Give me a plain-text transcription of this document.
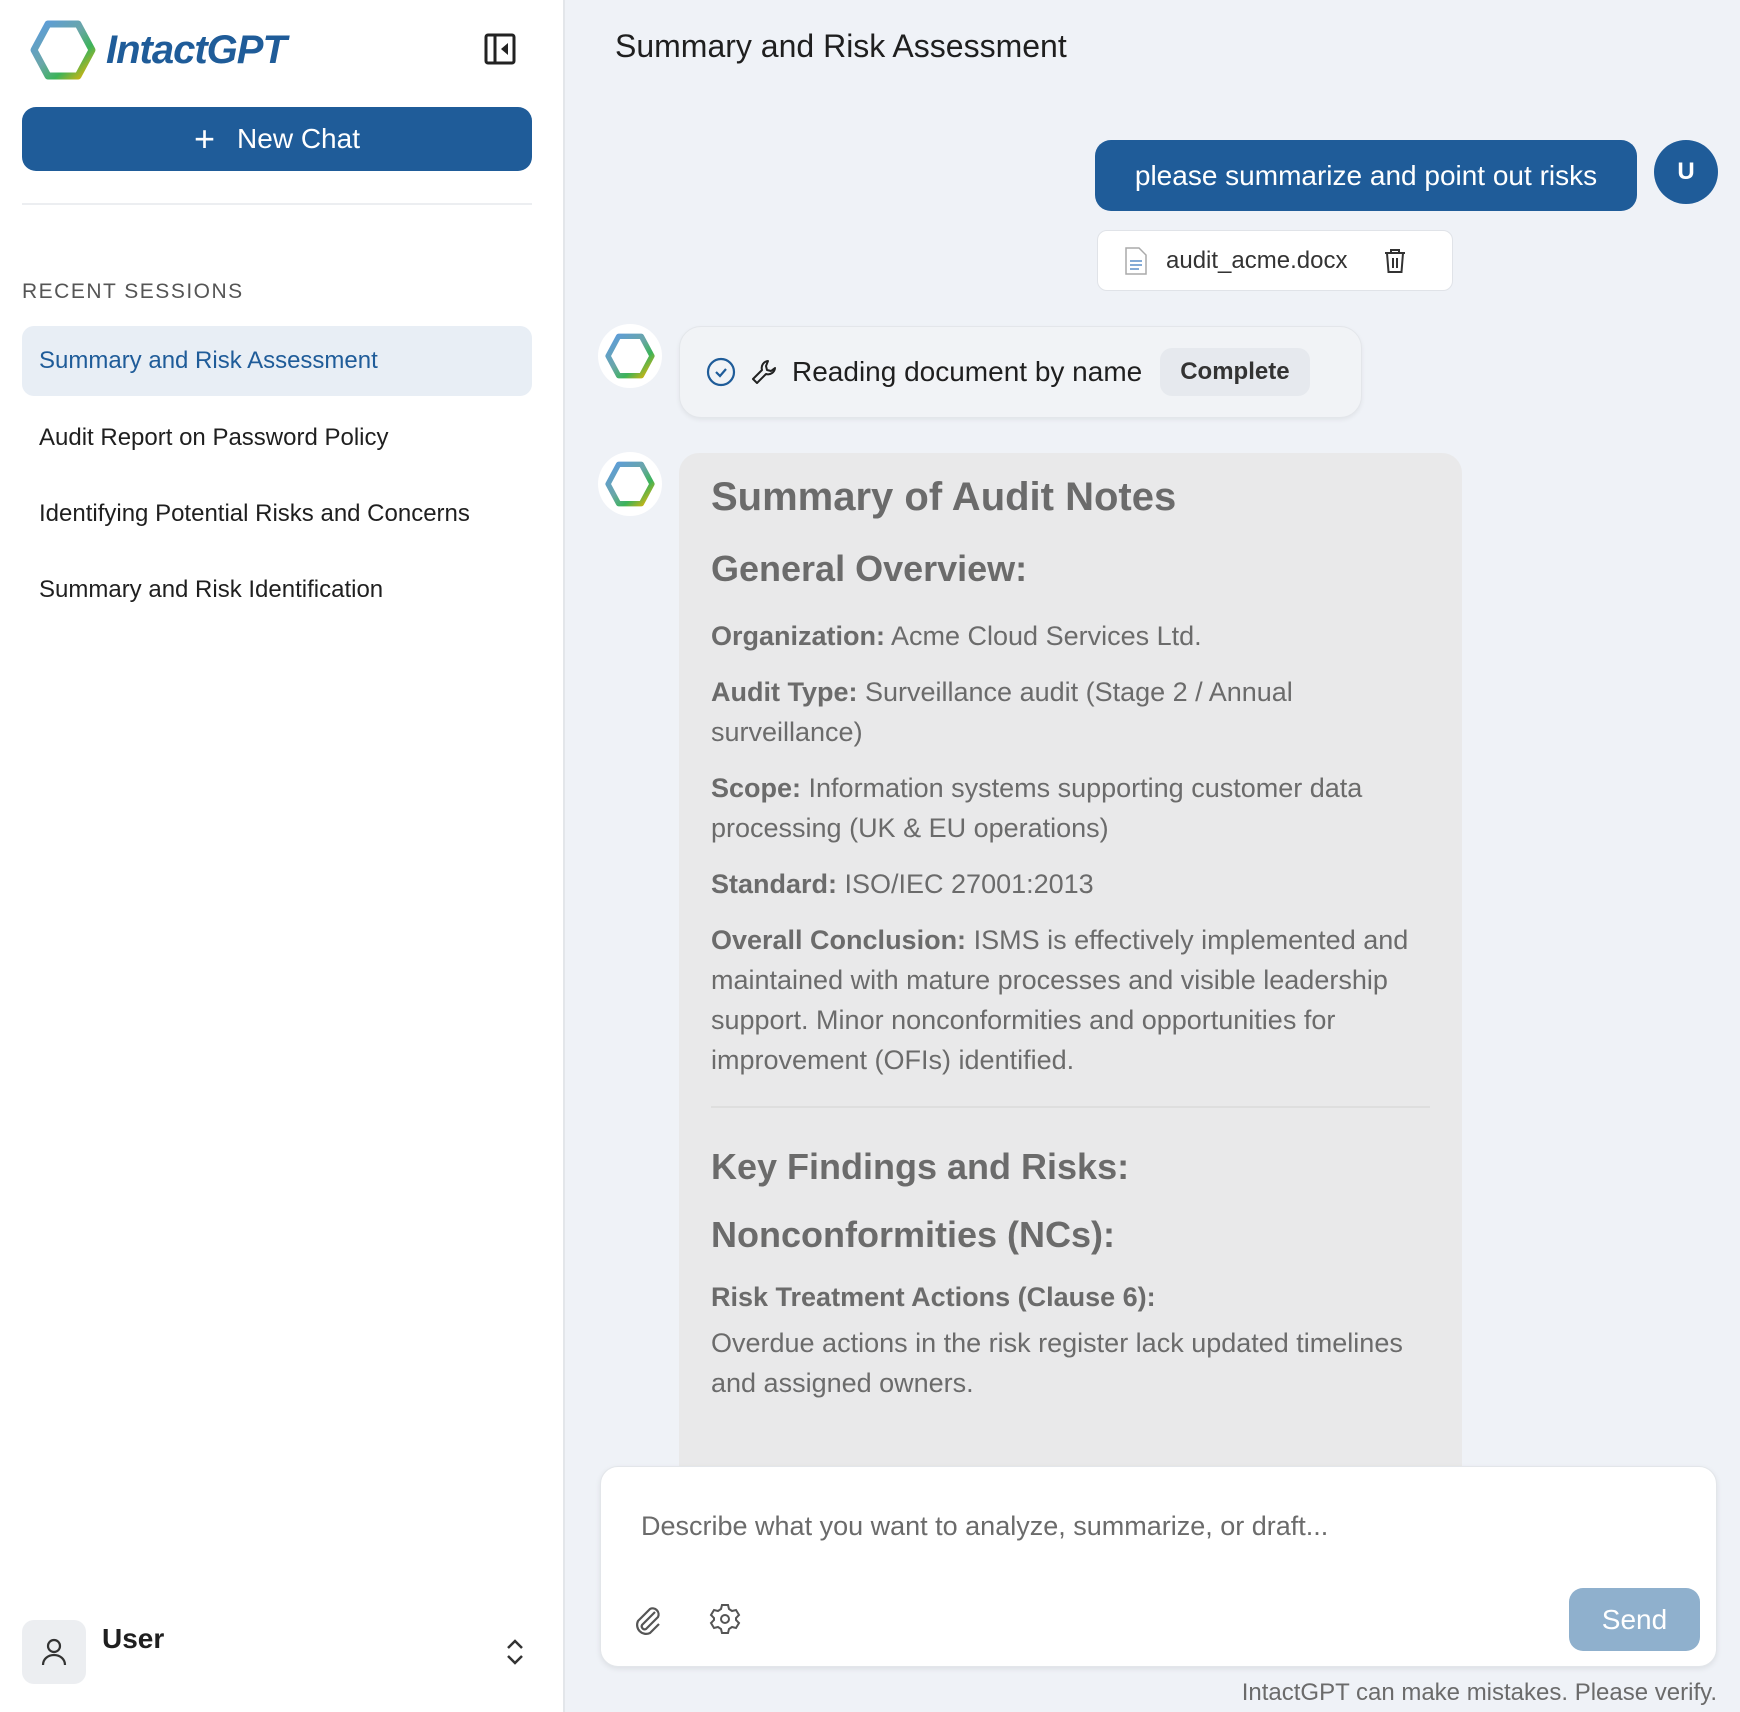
IntactGPT
+ New Chat
RECENT SESSIONS
Summary and Risk Assessment
Audit Report on Password Policy
Identifying Potential Risks and Concerns
Summary and Risk Identification
User
Summary and Risk Assessment
please summarize and point out risks	U
audit_acme.docx
Reading document by name	Complete
Summary of Audit Notes
General Overview:

Organization: Acme Cloud Services Ltd.

Audit Type: Surveillance audit (Stage 2 / Annual surveillance)

Scope: Information systems supporting customer data processing (UK & EU operations)

Standard: ISO/IEC 27001:2013

Overall Conclusion: ISMS is effectively implemented and maintained with mature processes and visible leadership support. Minor nonconformities and opportunities for improvement (OFIs) identified.

Key Findings and Risks:
Nonconformities (NCs):
Risk Treatment Actions (Clause 6):

Overdue actions in the risk register lack updated timelines and assigned owners.

Describe what you want to analyze, summarize, or draft...
Send
IntactGPT can make mistakes. Please verify.
